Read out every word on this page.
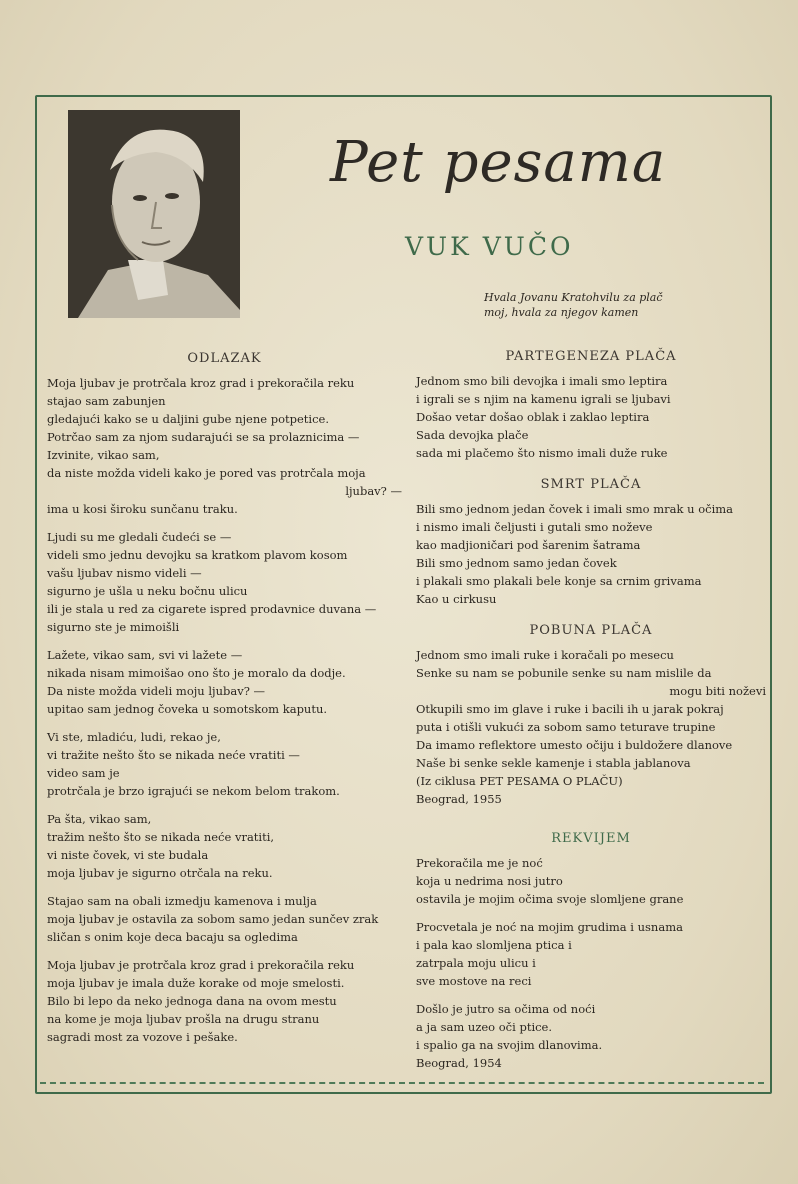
Pet pesama
VUK VUČO
Hvala Jovanu Kratohvilu za plač
moj, hvala za njegov kamen
ODLAZAK
Moja ljubav je protrčala kroz grad i prekoračila reku
stajao sam zabunjen
gledajući kako se u daljini gube njene potpetice.
Potrčao sam za njom sudarajući se sa prolaznicima —
Izvinite, vikao sam,
da niste možda videli kako je pored vas protrčala moja
ljubav? —
ima u kosi široku sunčanu traku.
Ljudi su me gledali čudeći se —
videli smo jednu devojku sa kratkom plavom kosom
vašu ljubav nismo videli —
sigurno je ušla u neku bočnu ulicu
ili je stala u red za cigarete ispred prodavnice duvana —
sigurno ste je mimoišli
Lažete, vikao sam, svi vi lažete —
nikada nisam mimoišao ono što je moralo da dodje.
Da niste možda videli moju ljubav? —
upitao sam jednog čoveka u somotskom kaputu.
Vi ste, mladiću, ludi, rekao je,
vi tražite nešto što se nikada neće vratiti —
video sam je
protrčala je brzo igrajući se nekom belom trakom.
Pa šta, vikao sam,
tražim nešto što se nikada neće vratiti,
vi niste čovek, vi ste budala
moja ljubav je sigurno otrčala na reku.
Stajao sam na obali izmedju kamenova i mulja
moja ljubav je ostavila za sobom samo jedan sunčev zrak
sličan s onim koje deca bacaju sa ogledima
Moja ljubav je protrčala kroz grad i prekoračila reku
moja ljubav je imala duže korake od moje smelosti.
Bilo bi lepo da neko jednoga dana na ovom mestu
na kome je moja ljubav prošla na drugu stranu
sagradi most za vozove i pešake.
PARTEGENEZA PLAČA
Jednom smo bili devojka i imali smo leptira
i igrali se s njim na kamenu igrali se ljubavi
Došao vetar došao oblak i zaklao leptira
Sada devojka plače
sada mi plačemo što nismo imali duže ruke
SMRT PLAČA
Bili smo jednom jedan čovek i imali smo mrak u očima
i nismo imali čeljusti i gutali smo noževe
kao madjioničari pod šarenim šatrama
Bili smo jednom samo jedan čovek
i plakali smo plakali bele konje sa crnim grivama
Kao u cirkusu
POBUNA PLAČA
Jednom smo imali ruke i koračali po mesecu
Senke su nam se pobunile senke su nam mislile da
mogu biti noževi
Otkupili smo im glave i ruke i bacili ih u jarak pokraj
puta i otišli vukući za sobom samo teturave trupine
Da imamo reflektore umesto očiju i buldožere dlanove
Naše bi senke sekle kamenje i stabla jablanova
(Iz ciklusa PET PESAMA O PLAČU)
Beograd, 1955
REKVIJEM
Prekoračila me je noć
koja u nedrima nosi jutro
ostavila je mojim očima svoje slomljene grane
Procvetala je noć na mojim grudima i usnama
i pala kao slomljena ptica i
zatrpala moju ulicu i
sve mostove na reci
Došlo je jutro sa očima od noći
a ja sam uzeo oči ptice.
i spalio ga na svojim dlanovima.
Beograd, 1954
